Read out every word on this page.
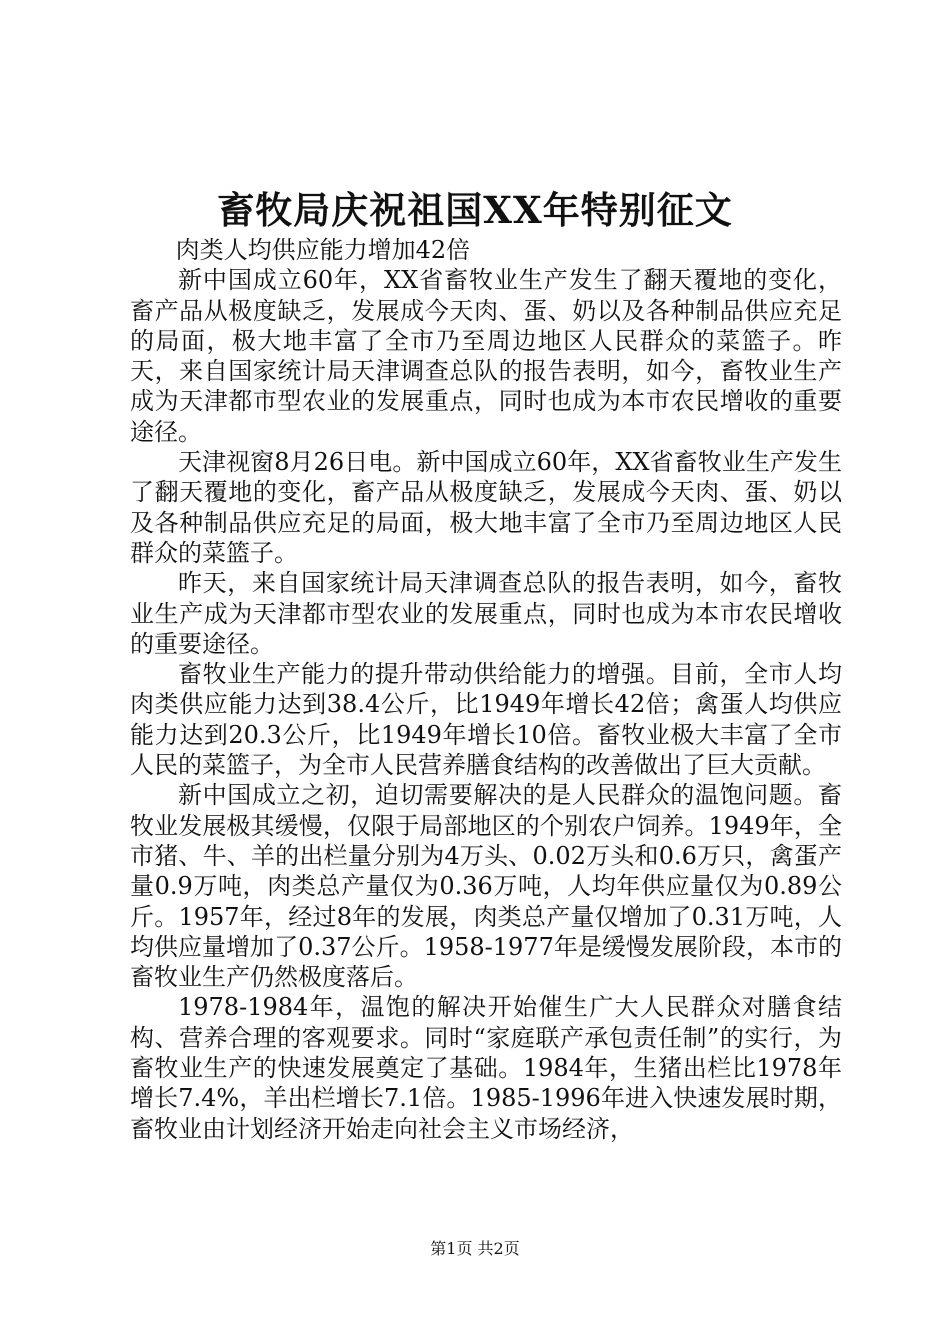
畜牧局庆祝祖国XX年特别征文

肉类人均供应能力增加42倍

新中国成立60年，XX省畜牧业生产发生了翻天覆地的变化，畜产品从极度缺乏，发展成今天肉、蛋、奶以及各种制品供应充足的局面，极大地丰富了全市乃至周边地区人民群众的菜篮子。昨天，来自国家统计局天津调查总队的报告表明，如今，畜牧业生产成为天津都市型农业的发展重点，同时也成为本市农民增收的重要途径。

天津视窗8月26日电。新中国成立60年，XX省畜牧业生产发生了翻天覆地的变化，畜产品从极度缺乏，发展成今天肉、蛋、奶以及各种制品供应充足的局面，极大地丰富了全市乃至周边地区人民群众的菜篮子。

昨天，来自国家统计局天津调查总队的报告表明，如今，畜牧业生产成为天津都市型农业的发展重点，同时也成为本市农民增收的重要途径。

畜牧业生产能力的提升带动供给能力的增强。目前，全市人均肉类供应能力达到38.4公斤，比1949年增长42倍；禽蛋人均供应能力达到20.3公斤，比1949年增长10倍。畜牧业极大丰富了全市人民的菜篮子，为全市人民营养膳食结构的改善做出了巨大贡献。

新中国成立之初，迫切需要解决的是人民群众的温饱问题。畜牧业发展极其缓慢，仅限于局部地区的个别农户饲养。1949年，全市猪、牛、羊的出栏量分别为4万头、0.02万头和0.6万只，禽蛋产量0.9万吨，肉类总产量仅为0.36万吨，人均年供应量仅为0.89公斤。1957年，经过8年的发展，肉类总产量仅增加了0.31万吨，人均供应量增加了0.37公斤。1958-1977年是缓慢发展阶段，本市的畜牧业生产仍然极度落后。

1978-1984年，温饱的解决开始催生广大人民群众对膳食结构、营养合理的客观要求。同时“家庭联产承包责任制”的实行，为畜牧业生产的快速发展奠定了基础。1984年，生猪出栏比1978年增长7.4%，羊出栏增长7.1倍。1985-1996年进入快速发展时期，畜牧业由计划经济开始走向社会主义市场经济，

第1页 共2页
